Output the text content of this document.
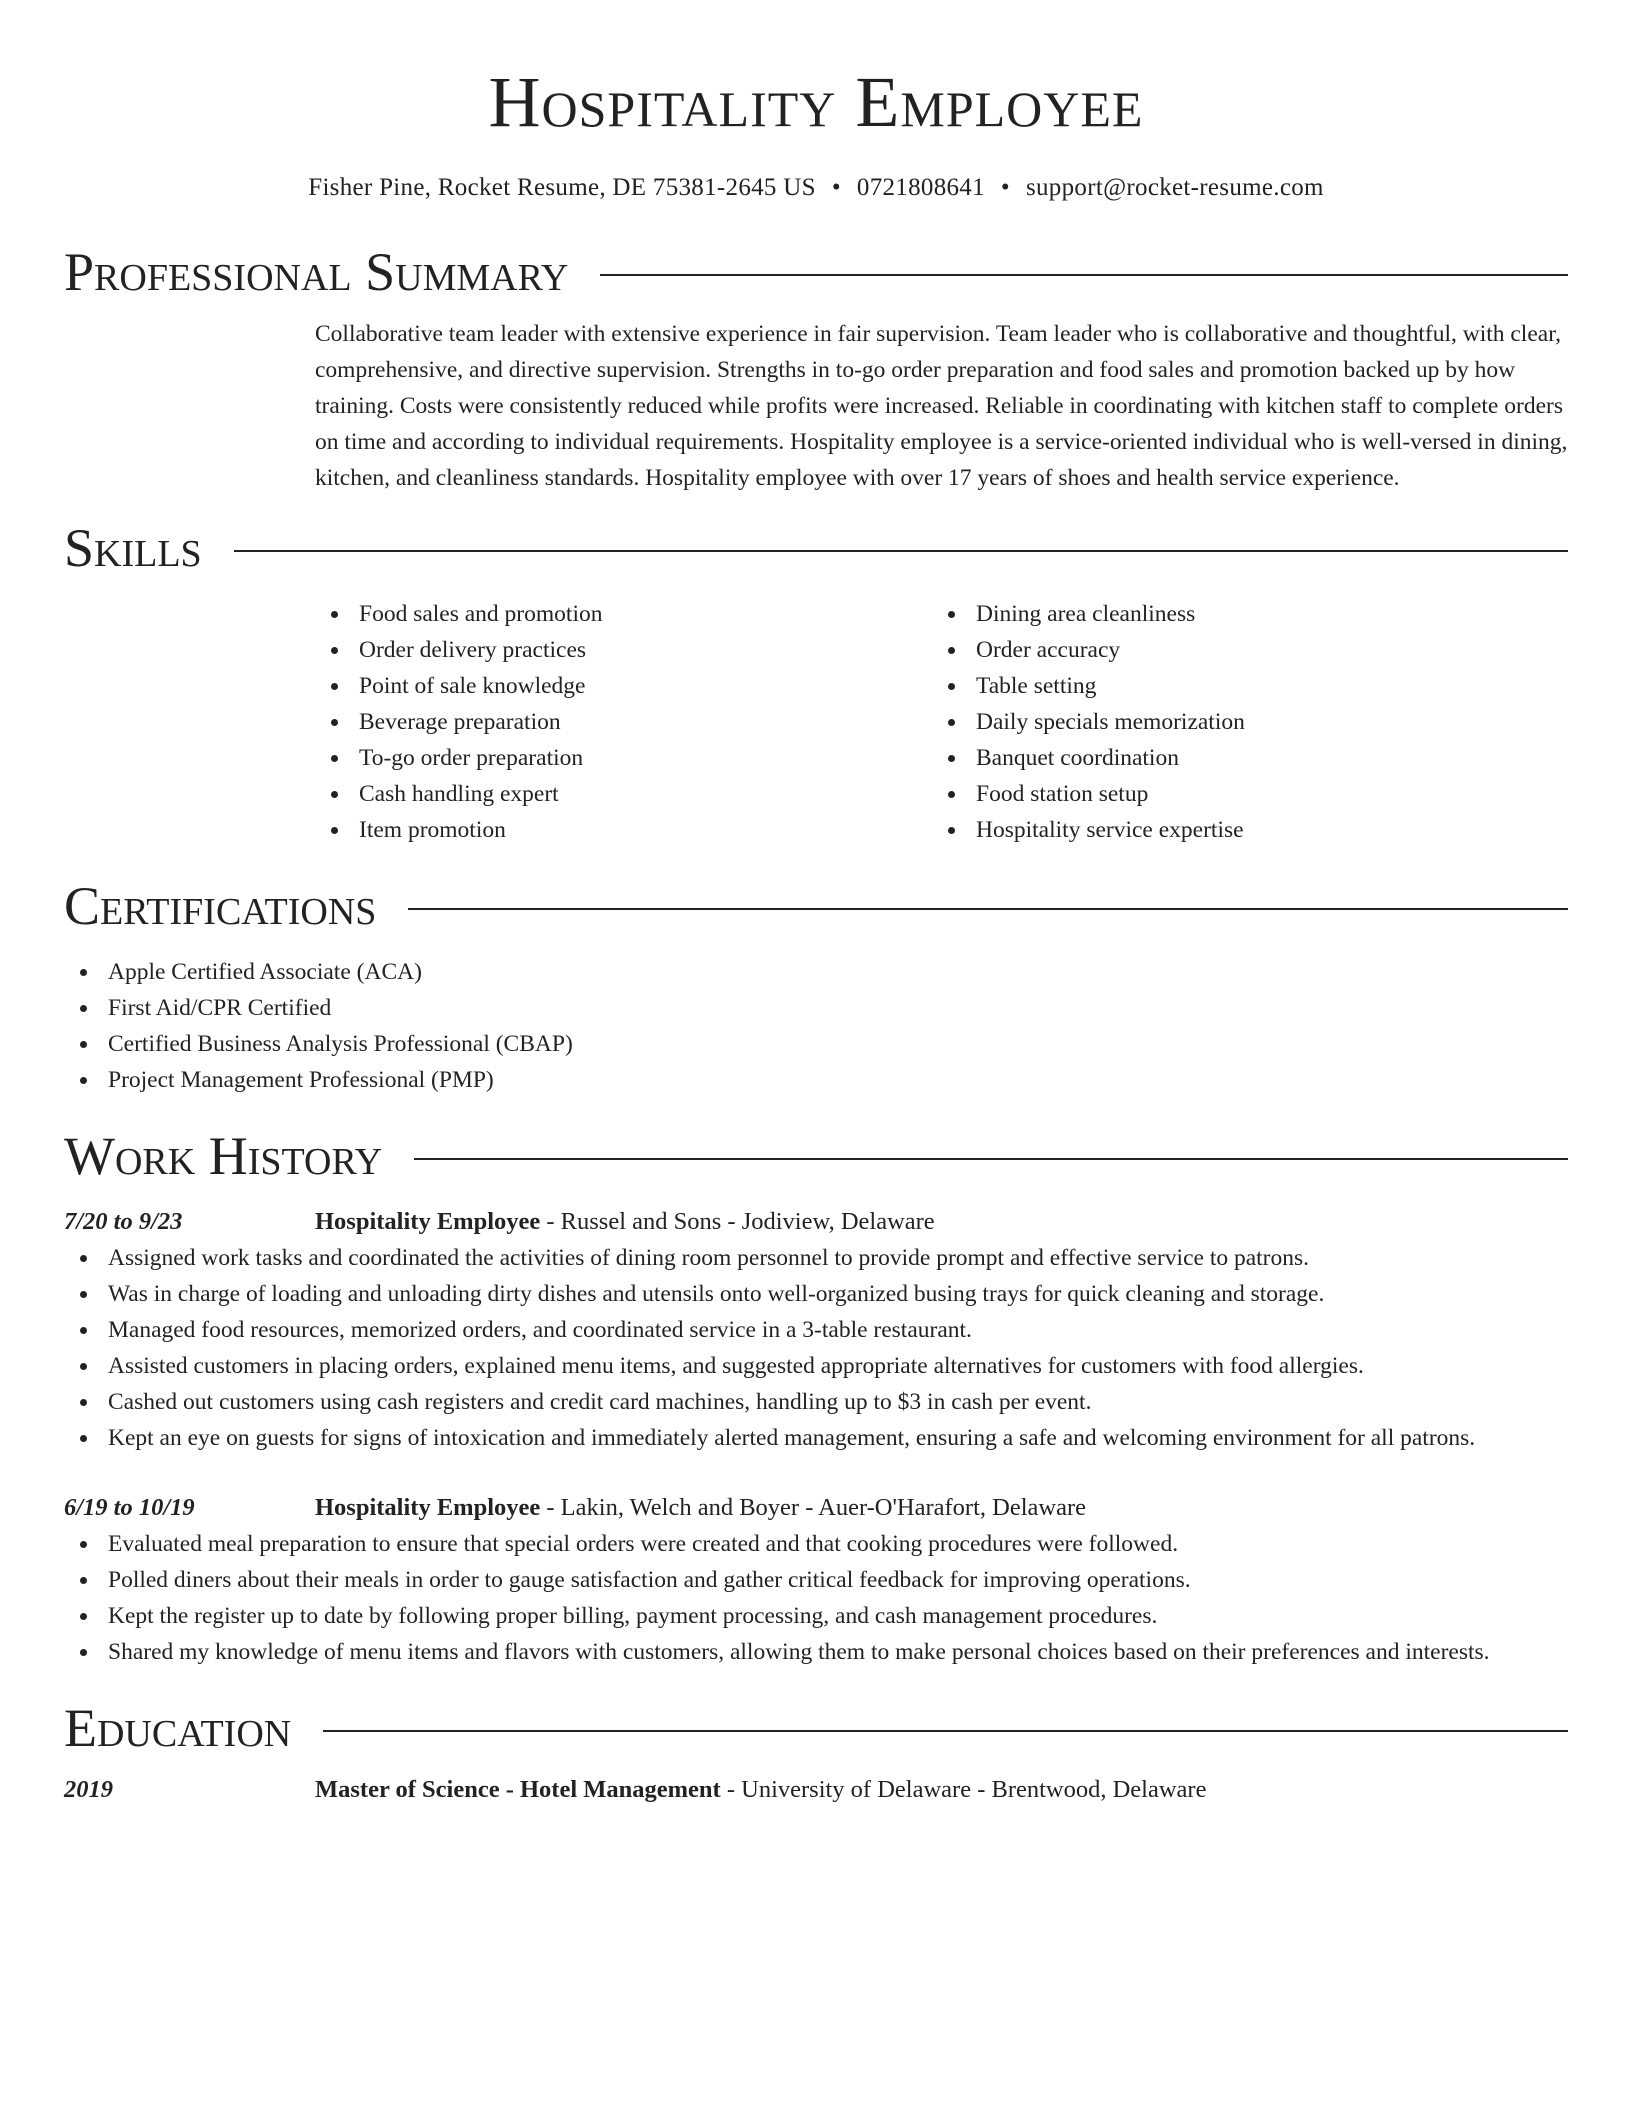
Hospitality Employee
Fisher Pine, Rocket Resume, DE 75381-2645 US • 0721808641 • support@rocket-resume.com
Professional Summary
Collaborative team leader with extensive experience in fair supervision. Team leader who is collaborative and thoughtful, with clear, comprehensive, and directive supervision. Strengths in to-go order preparation and food sales and promotion backed up by how training. Costs were consistently reduced while profits were increased. Reliable in coordinating with kitchen staff to complete orders on time and according to individual requirements. Hospitality employee is a service-oriented individual who is well-versed in dining, kitchen, and cleanliness standards. Hospitality employee with over 17 years of shoes and health service experience.
Skills
Food sales and promotion
Order delivery practices
Point of sale knowledge
Beverage preparation
To-go order preparation
Cash handling expert
Item promotion
Dining area cleanliness
Order accuracy
Table setting
Daily specials memorization
Banquet coordination
Food station setup
Hospitality service expertise
Certifications
Apple Certified Associate (ACA)
First Aid/CPR Certified
Certified Business Analysis Professional (CBAP)
Project Management Professional (PMP)
Work History
7/20 to 9/23	Hospitality Employee - Russel and Sons - Jodiview, Delaware
Assigned work tasks and coordinated the activities of dining room personnel to provide prompt and effective service to patrons.
Was in charge of loading and unloading dirty dishes and utensils onto well-organized busing trays for quick cleaning and storage.
Managed food resources, memorized orders, and coordinated service in a 3-table restaurant.
Assisted customers in placing orders, explained menu items, and suggested appropriate alternatives for customers with food allergies.
Cashed out customers using cash registers and credit card machines, handling up to $3 in cash per event.
Kept an eye on guests for signs of intoxication and immediately alerted management, ensuring a safe and welcoming environment for all patrons.
6/19 to 10/19	Hospitality Employee - Lakin, Welch and Boyer - Auer-O'Harafort, Delaware
Evaluated meal preparation to ensure that special orders were created and that cooking procedures were followed.
Polled diners about their meals in order to gauge satisfaction and gather critical feedback for improving operations.
Kept the register up to date by following proper billing, payment processing, and cash management procedures.
Shared my knowledge of menu items and flavors with customers, allowing them to make personal choices based on their preferences and interests.
Education
2019	Master of Science - Hotel Management - University of Delaware - Brentwood, Delaware
